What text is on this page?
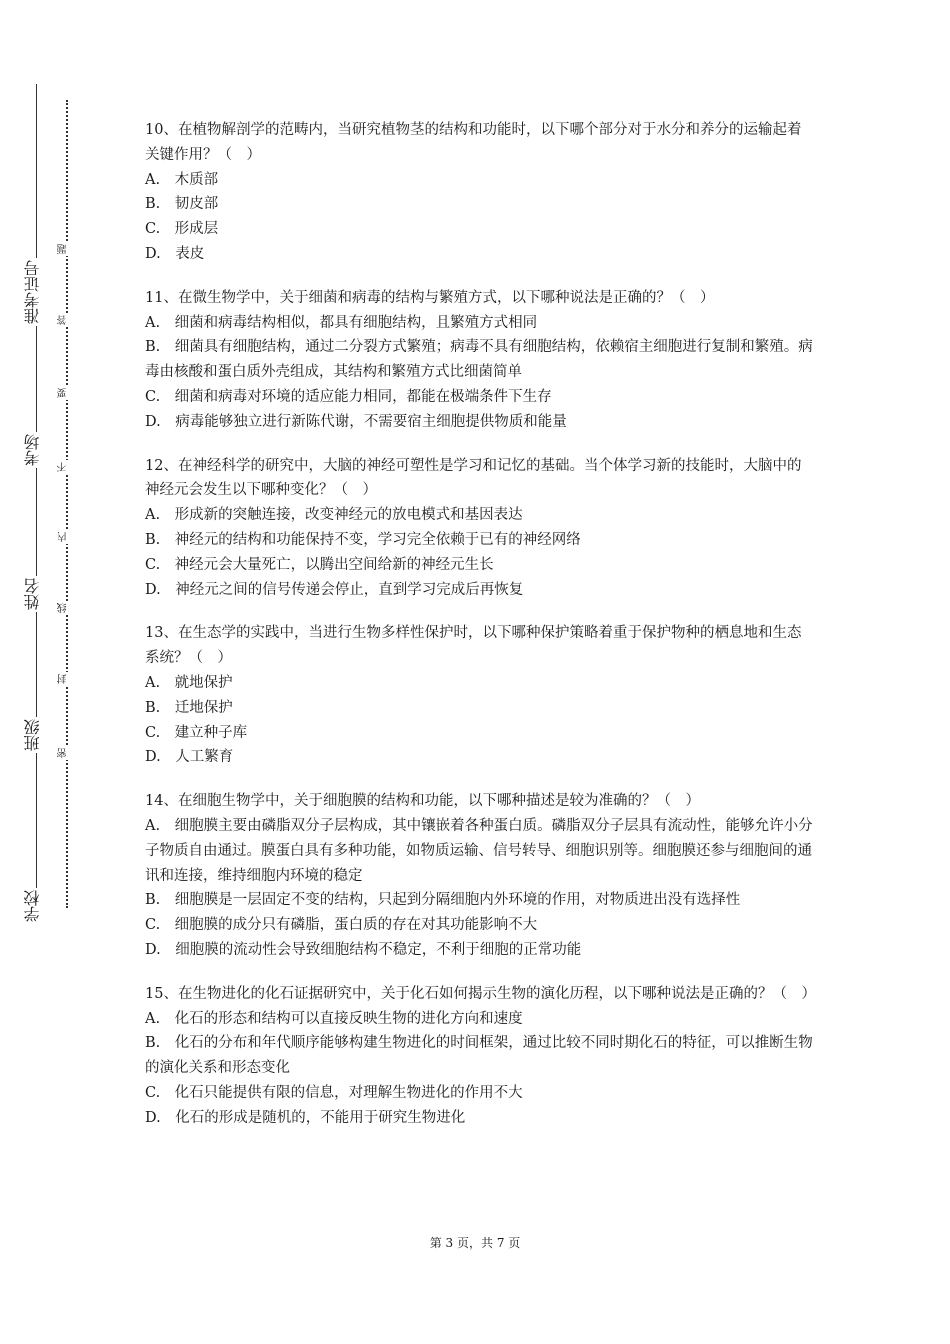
准考证号
考场
姓名
班级
学校
题
答
要
不
内
线
封
密

10、在植物解剖学的范畴内，当研究植物茎的结构和功能时，以下哪个部分对于水分和养分的运输起着关键作用？（　）

A.　木质部

B.　韧皮部

C.　形成层

D.　表皮

11、在微生物学中，关于细菌和病毒的结构与繁殖方式，以下哪种说法是正确的？（　）

A.　细菌和病毒结构相似，都具有细胞结构，且繁殖方式相同

B.　细菌具有细胞结构，通过二分裂方式繁殖；病毒不具有细胞结构，依赖宿主细胞进行复制和繁殖。病毒由核酸和蛋白质外壳组成，其结构和繁殖方式比细菌简单

C.　细菌和病毒对环境的适应能力相同，都能在极端条件下生存

D.　病毒能够独立进行新陈代谢，不需要宿主细胞提供物质和能量

12、在神经科学的研究中，大脑的神经可塑性是学习和记忆的基础。当个体学习新的技能时，大脑中的神经元会发生以下哪种变化？（　）

A.　形成新的突触连接，改变神经元的放电模式和基因表达

B.　神经元的结构和功能保持不变，学习完全依赖于已有的神经网络

C.　神经元会大量死亡，以腾出空间给新的神经元生长

D.　神经元之间的信号传递会停止，直到学习完成后再恢复

13、在生态学的实践中，当进行生物多样性保护时，以下哪种保护策略着重于保护物种的栖息地和生态系统？（　）

A.　就地保护

B.　迁地保护

C.　建立种子库

D.　人工繁育

14、在细胞生物学中，关于细胞膜的结构和功能，以下哪种描述是较为准确的？（　）

A.　细胞膜主要由磷脂双分子层构成，其中镶嵌着各种蛋白质。磷脂双分子层具有流动性，能够允许小分子物质自由通过。膜蛋白具有多种功能，如物质运输、信号转导、细胞识别等。细胞膜还参与细胞间的通讯和连接，维持细胞内环境的稳定

B.　细胞膜是一层固定不变的结构，只起到分隔细胞内外环境的作用，对物质进出没有选择性

C.　细胞膜的成分只有磷脂，蛋白质的存在对其功能影响不大

D.　细胞膜的流动性会导致细胞结构不稳定，不利于细胞的正常功能

15、在生物进化的化石证据研究中，关于化石如何揭示生物的演化历程，以下哪种说法是正确的？（　）

A.　化石的形态和结构可以直接反映生物的进化方向和速度

B.　化石的分布和年代顺序能够构建生物进化的时间框架，通过比较不同时期化石的特征，可以推断生物的演化关系和形态变化

C.　化石只能提供有限的信息，对理解生物进化的作用不大

D.　化石的形成是随机的，不能用于研究生物进化

第 3 页，共 7 页
